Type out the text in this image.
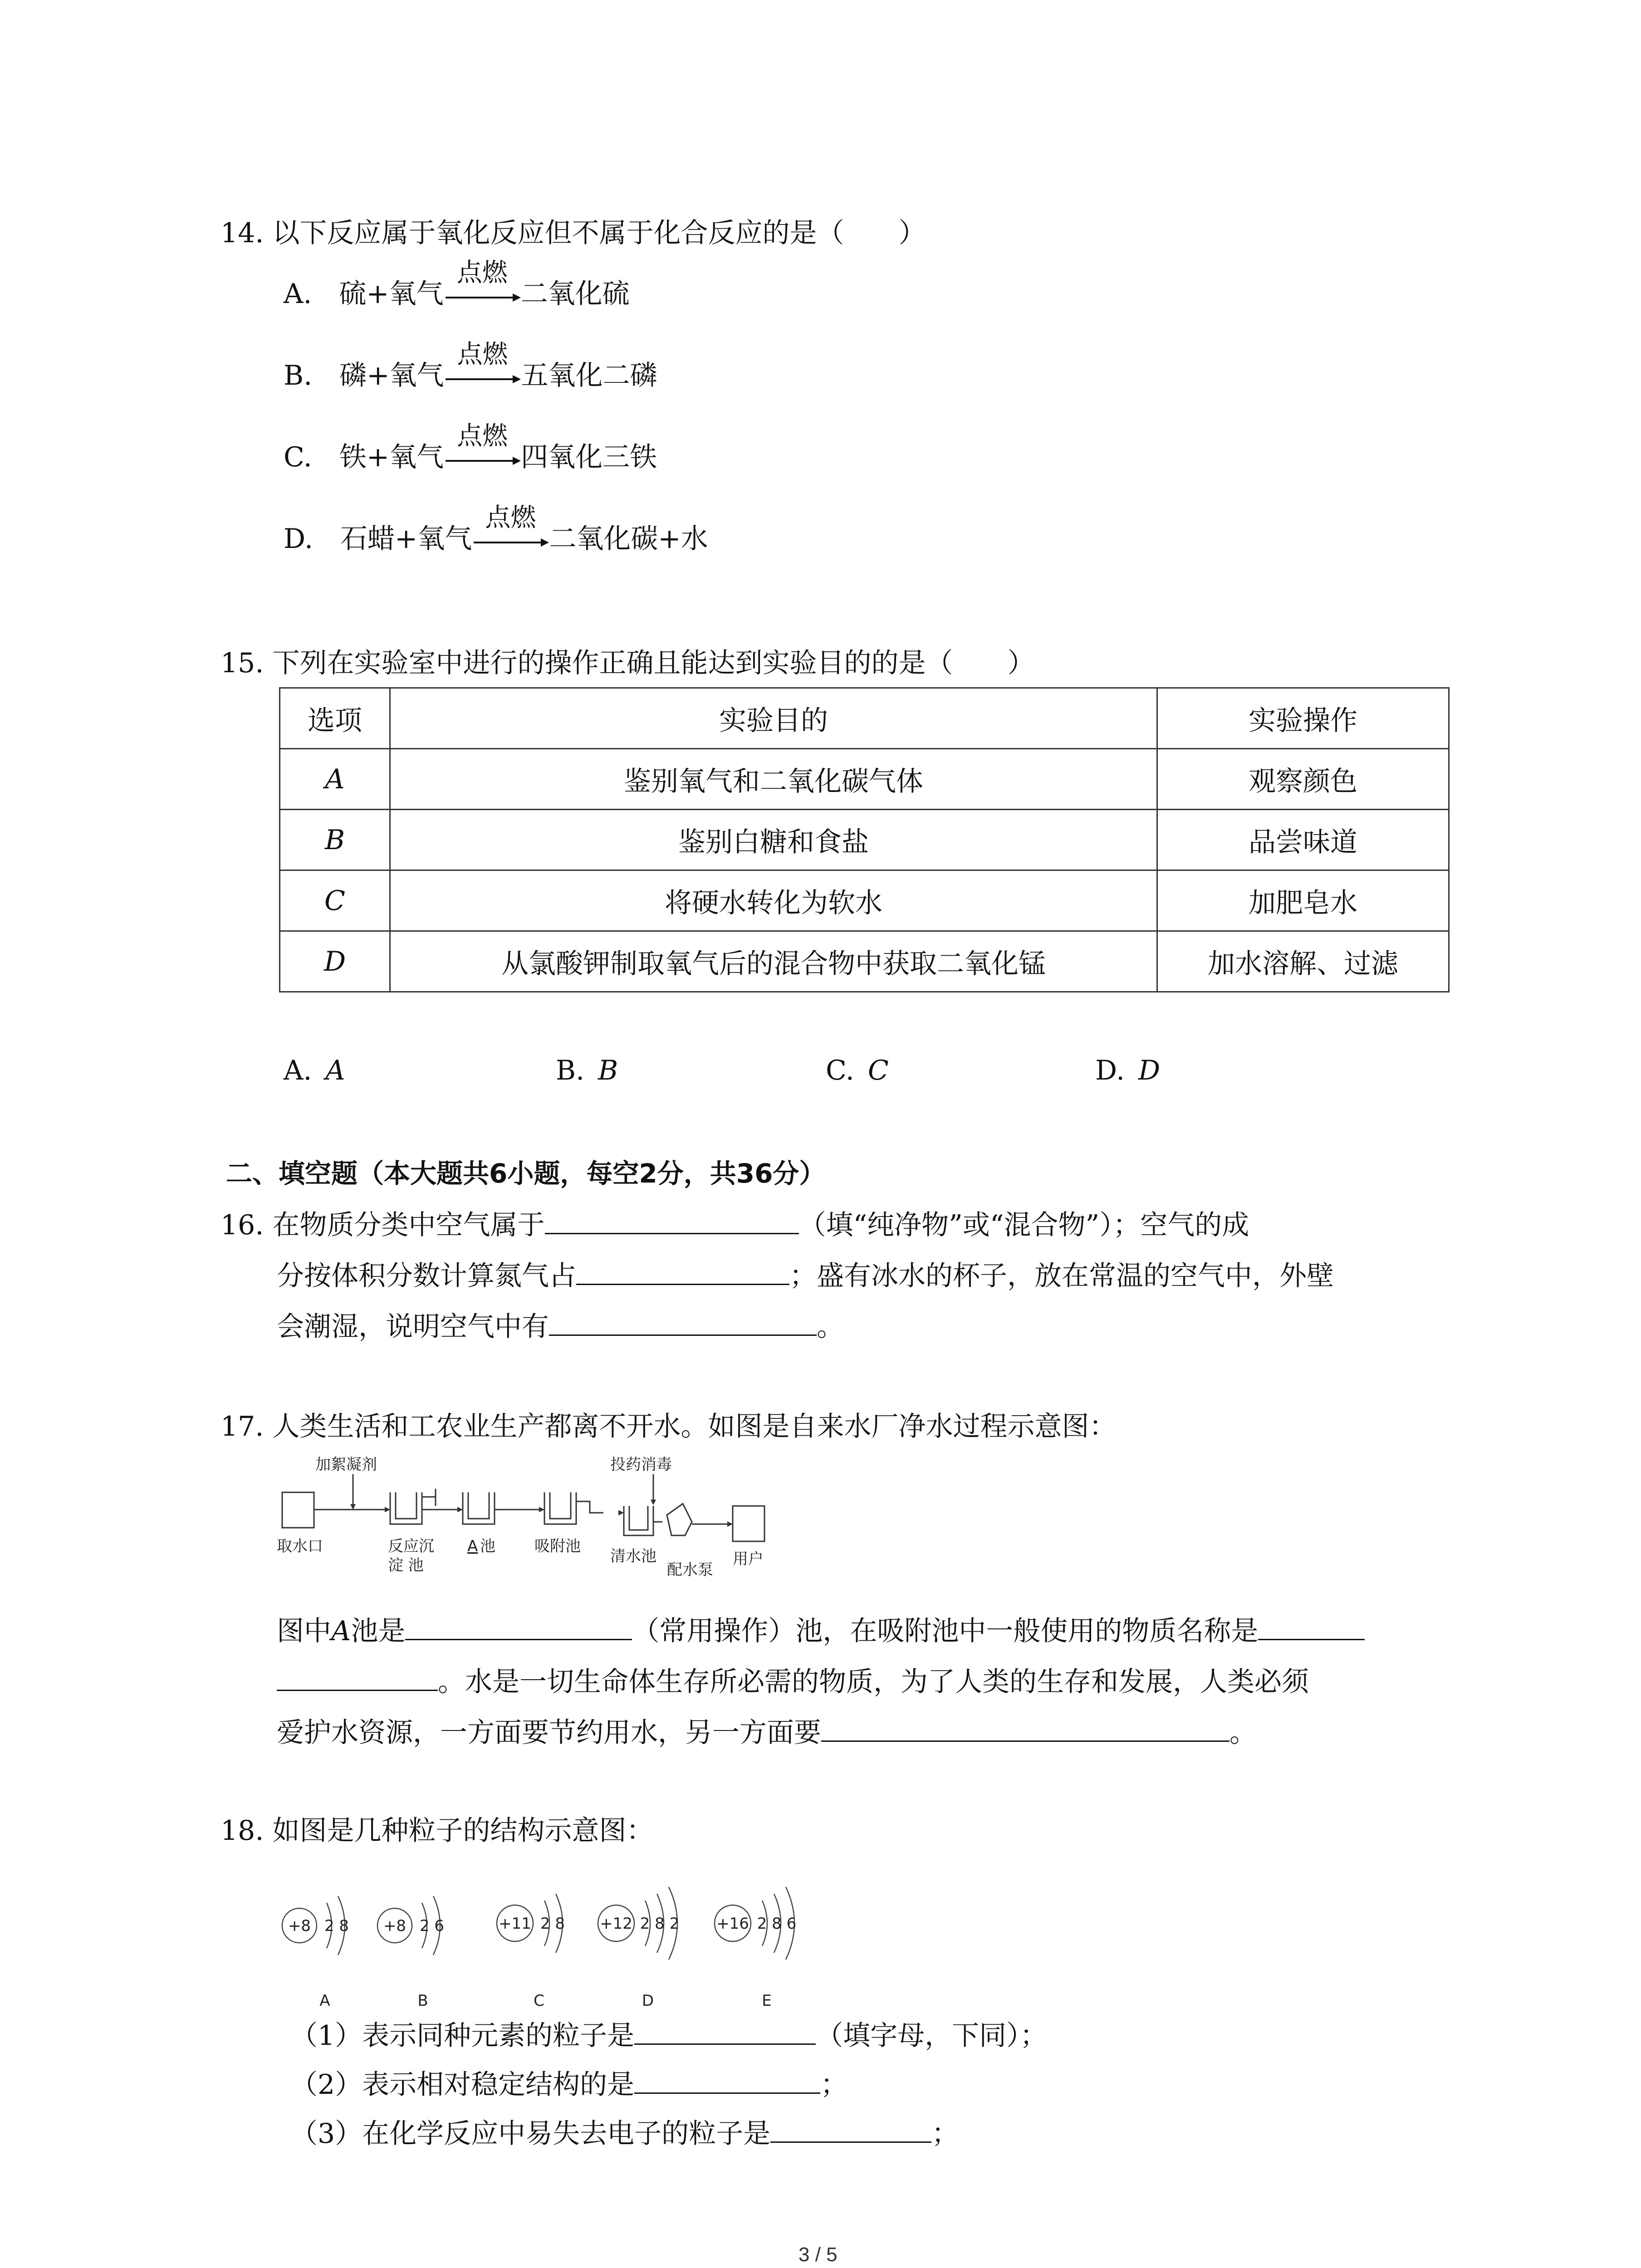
14. 以下反应属于氧化反应但不属于化合反应的是（　　）
A.  硫+氧气
点燃
二氧化硫
B.  磷+氧气
点燃
五氧化二磷
C.  铁+氧气
点燃
四氧化三铁
D.  石蜡+氧气
点燃
二氧化碳+水
15. 下列在实验室中进行的操作正确且能达到实验目的的是（　　）
选项	实验目的	实验操作
A	鉴别氧气和二氧化碳气体	观察颜色
B	鉴别白糖和食盐	品尝味道
C	将硬水转化为软水	加肥皂水
D	从氯酸钾制取氧气后的混合物中获取二氧化锰	加水溶解、过滤
A.  A	B.  B	C.  C	D.  D
二、填空题（本大题共6小题，每空2分，共36分）
16. 在物质分类中空气属于	（填“纯净物”或“混合物”）；空气的成
分按体积分数计算氮气占	；盛有冰水的杯子，放在常温的空气中，外壁
会潮湿，说明空气中有	。
17. 人类生活和工农业生产都离不开水。如图是自来水厂净水过程示意图：
加絮凝剂	投药消毒
取水口	反应沉
淀 池
A 池	吸附池
清水池
配水泵
用户
图中A池是	（常用操作）池，在吸附池中一般使用的物质名称是
。水是一切生命体生存所必需的物质，为了人类的生存和发展，人类必须
爱护水资源，一方面要节约用水，另一方面要	。
18. 如图是几种粒子的结构示意图：
+8 2 8 +8 2 6	+11 2 8 +12 2 8 2 +16 2 8 6
A	B	C	D	E
（1）表示同种元素的粒子是	（填字母，下同）；
（2）表示相对稳定结构的是	；
（3）在化学反应中易失去电子的粒子是	；
3 / 5
